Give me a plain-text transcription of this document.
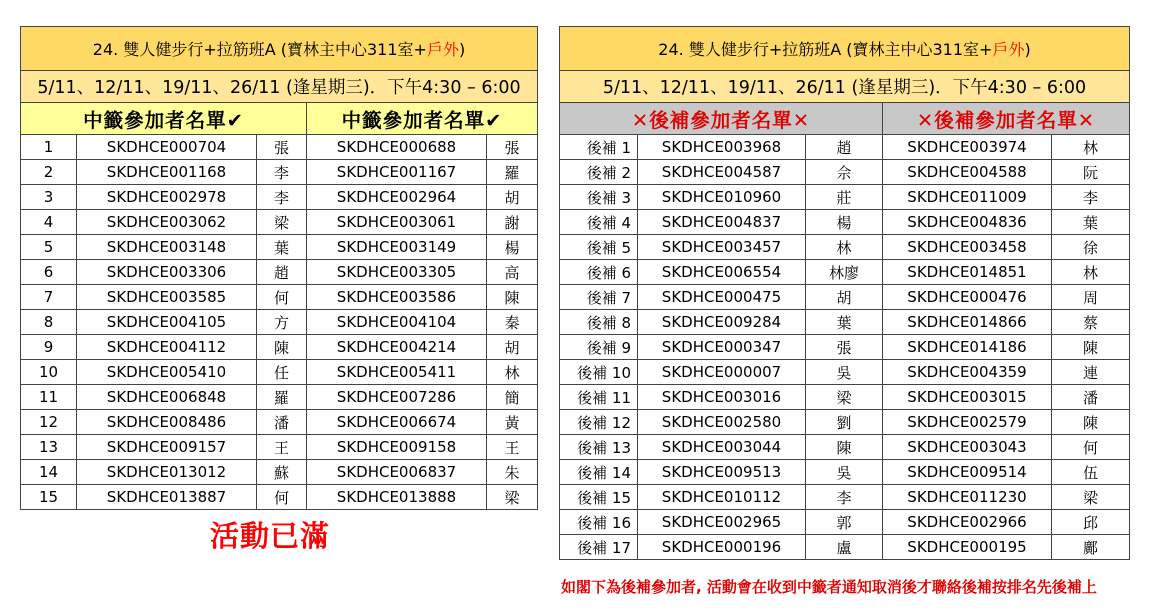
24. 雙人健步行+拉筋班A (寶林主中心311室+戶外)				
5/11、12/11、19/11、26/11 (逢星期三)．下午4:30 – 6:00				
中籤參加者名單✔			中籤參加者名單✔	
1	SKDHCE000704	張	SKDHCE000688	張
2	SKDHCE001168	李	SKDHCE001167	羅
3	SKDHCE002978	李	SKDHCE002964	胡
4	SKDHCE003062	梁	SKDHCE003061	謝
5	SKDHCE003148	葉	SKDHCE003149	楊
6	SKDHCE003306	趙	SKDHCE003305	高
7	SKDHCE003585	何	SKDHCE003586	陳
8	SKDHCE004105	方	SKDHCE004104	秦
9	SKDHCE004112	陳	SKDHCE004214	胡
10	SKDHCE005410	任	SKDHCE005411	林
11	SKDHCE006848	羅	SKDHCE007286	簡
12	SKDHCE008486	潘	SKDHCE006674	黃
13	SKDHCE009157	王	SKDHCE009158	王
14	SKDHCE013012	蘇	SKDHCE006837	朱
15	SKDHCE013887	何	SKDHCE013888	梁
活動已滿
24. 雙人健步行+拉筋班A (寶林主中心311室+戶外)				
5/11、12/11、19/11、26/11 (逢星期三)．下午4:30 – 6:00				
✕後補參加者名單✕			✕後補參加者名單✕	
後補 1	SKDHCE003968	趙	SKDHCE003974	林
後補 2	SKDHCE004587	佘	SKDHCE004588	阮
後補 3	SKDHCE010960	莊	SKDHCE011009	李
後補 4	SKDHCE004837	楊	SKDHCE004836	葉
後補 5	SKDHCE003457	林	SKDHCE003458	徐
後補 6	SKDHCE006554	林廖	SKDHCE014851	林
後補 7	SKDHCE000475	胡	SKDHCE000476	周
後補 8	SKDHCE009284	葉	SKDHCE014866	蔡
後補 9	SKDHCE000347	張	SKDHCE014186	陳
後補 10	SKDHCE000007	吳	SKDHCE004359	連
後補 11	SKDHCE003016	梁	SKDHCE003015	潘
後補 12	SKDHCE002580	劉	SKDHCE002579	陳
後補 13	SKDHCE003044	陳	SKDHCE003043	何
後補 14	SKDHCE009513	吳	SKDHCE009514	伍
後補 15	SKDHCE010112	李	SKDHCE011230	梁
後補 16	SKDHCE002965	郭	SKDHCE002966	邱
後補 17	SKDHCE000196	盧	SKDHCE000195	鄺
如閣下為後補參加者, 活動會在收到中籤者通知取消後才聯絡後補按排名先後補上
